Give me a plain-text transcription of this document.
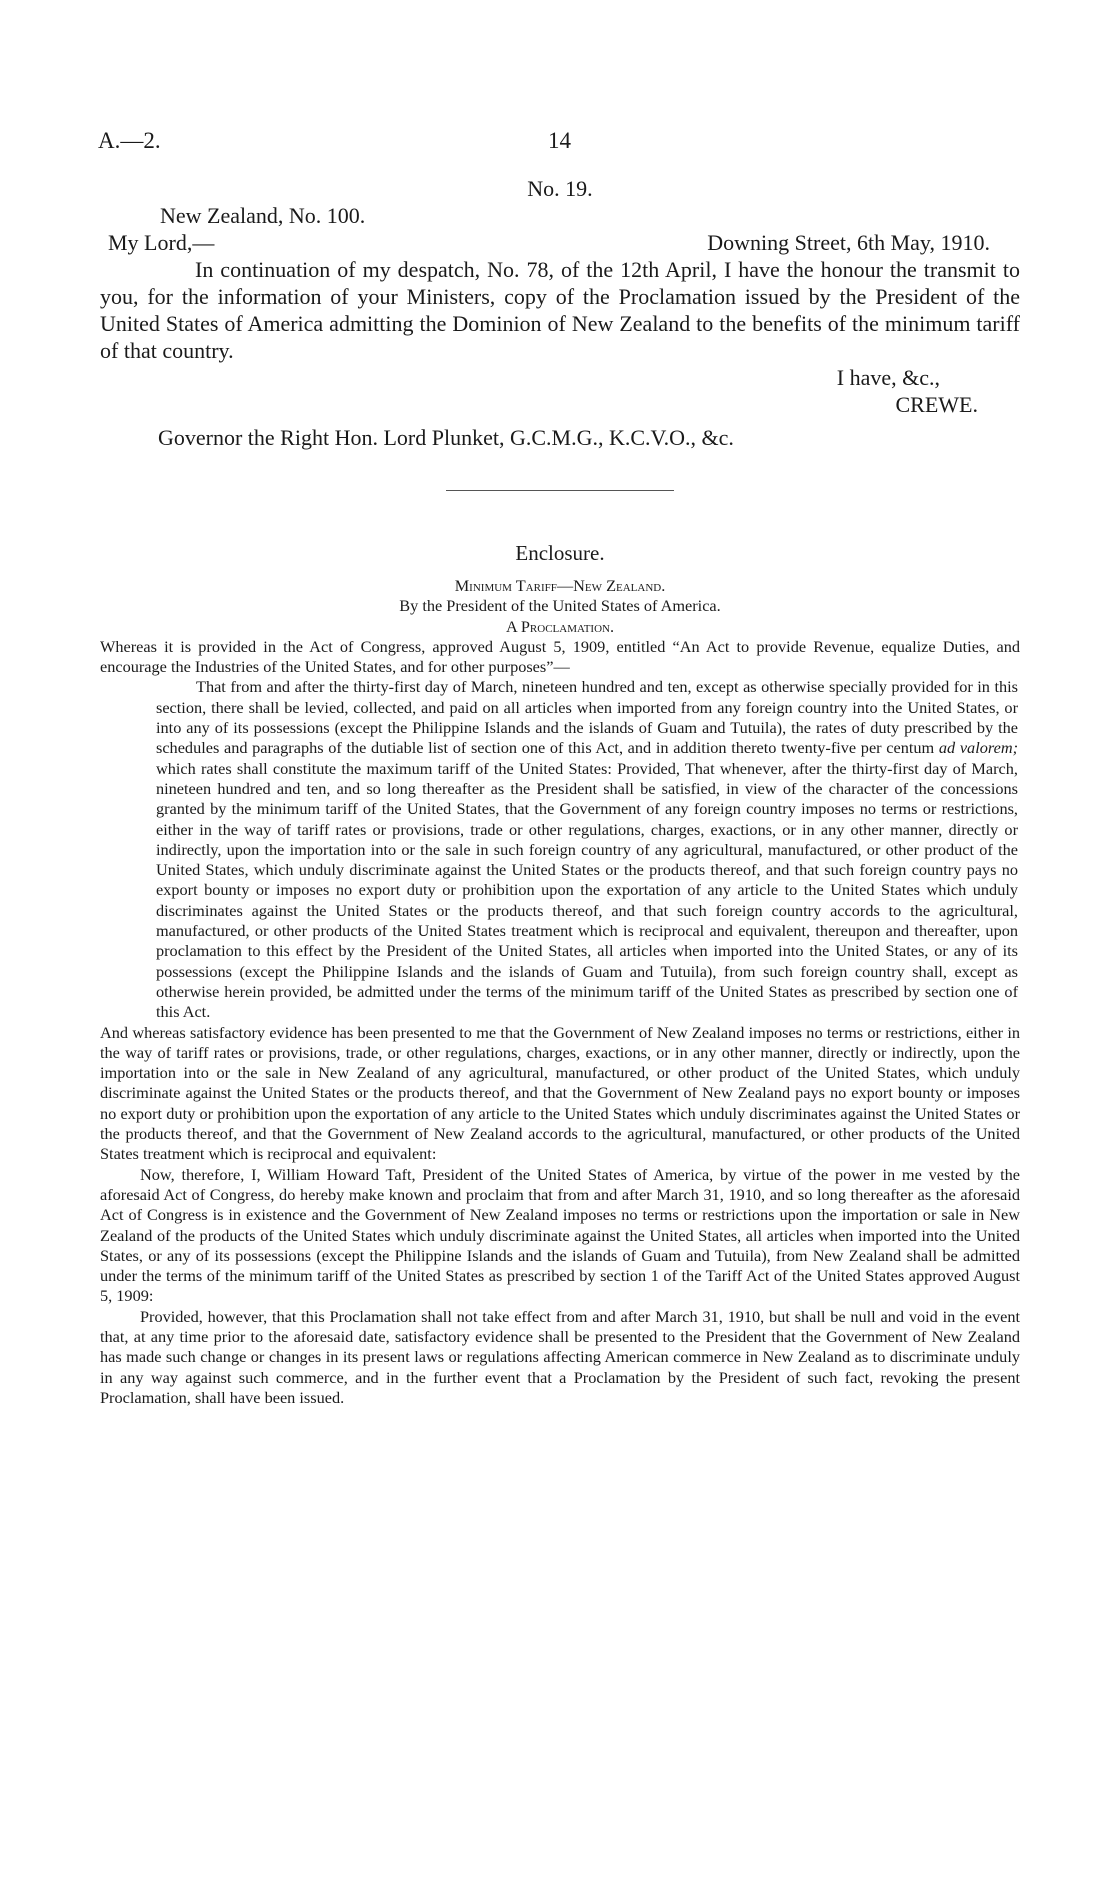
A.—2.	14
No. 19.
New Zealand, No. 100.
My Lord,—	Downing Street, 6th May, 1910.

In continuation of my despatch, No. 78, of the 12th April, I have the honour the transmit to you, for the information of your Ministers, copy of the Proclamation issued by the President of the United States of America admitting the Dominion of New Zealand to the benefits of the minimum tariff of that country.

I have, &c.,
CREWE.
Governor the Right Hon. Lord Plunket, G.C.M.G., K.C.V.O., &c.
Enclosure.
Minimum Tariff—New Zealand.
By the President of the United States of America.
A Proclamation.

Whereas it is provided in the Act of Congress, approved August 5, 1909, entitled “An Act to provide Revenue, equalize Duties, and encourage the Industries of the United States, and for other purposes”—

That from and after the thirty-first day of March, nineteen hundred and ten, except as otherwise specially provided for in this section, there shall be levied, collected, and paid on all articles when imported from any foreign country into the United States, or into any of its possessions (except the Philippine Islands and the islands of Guam and Tutuila), the rates of duty prescribed by the schedules and paragraphs of the dutiable list of section one of this Act, and in addition thereto twenty-five per centum ad valorem; which rates shall constitute the maximum tariff of the United States: Provided, That whenever, after the thirty-first day of March, nineteen hundred and ten, and so long thereafter as the President shall be satisfied, in view of the character of the concessions granted by the minimum tariff of the United States, that the Government of any foreign country imposes no terms or restrictions, either in the way of tariff rates or provisions, trade or other regulations, charges, exactions, or in any other manner, directly or indirectly, upon the importation into or the sale in such foreign country of any agricultural, manufactured, or other product of the United States, which unduly discriminate against the United States or the products thereof, and that such foreign country pays no export bounty or imposes no export duty or prohibition upon the exportation of any article to the United States which unduly discriminates against the United States or the products thereof, and that such foreign country accords to the agricultural, manufactured, or other products of the United States treatment which is reciprocal and equivalent, thereupon and thereafter, upon proclamation to this effect by the President of the United States, all articles when imported into the United States, or any of its possessions (except the Philippine Islands and the islands of Guam and Tutuila), from such foreign country shall, except as otherwise herein provided, be admitted under the terms of the minimum tariff of the United States as prescribed by section one of this Act.

And whereas satisfactory evidence has been presented to me that the Government of New Zealand imposes no terms or restrictions, either in the way of tariff rates or provisions, trade, or other regulations, charges, exactions, or in any other manner, directly or indirectly, upon the importation into or the sale in New Zealand of any agricultural, manufactured, or other product of the United States, which unduly discriminate against the United States or the products thereof, and that the Government of New Zealand pays no export bounty or imposes no export duty or prohibition upon the exportation of any article to the United States which unduly discriminates against the United States or the products thereof, and that the Government of New Zealand accords to the agricultural, manufactured, or other products of the United States treatment which is reciprocal and equivalent:

Now, therefore, I, William Howard Taft, President of the United States of America, by virtue of the power in me vested by the aforesaid Act of Congress, do hereby make known and proclaim that from and after March 31, 1910, and so long thereafter as the aforesaid Act of Congress is in existence and the Government of New Zealand imposes no terms or restrictions upon the importation or sale in New Zealand of the products of the United States which unduly discriminate against the United States, all articles when imported into the United States, or any of its possessions (except the Philippine Islands and the islands of Guam and Tutuila), from New Zealand shall be admitted under the terms of the minimum tariff of the United States as prescribed by section 1 of the Tariff Act of the United States approved August 5, 1909:

Provided, however, that this Proclamation shall not take effect from and after March 31, 1910, but shall be null and void in the event that, at any time prior to the aforesaid date, satisfactory evidence shall be presented to the President that the Government of New Zealand has made such change or changes in its present laws or regulations affecting American commerce in New Zealand as to discriminate unduly in any way against such commerce, and in the further event that a Proclamation by the President of such fact, revoking the present Proclamation, shall have been issued.
